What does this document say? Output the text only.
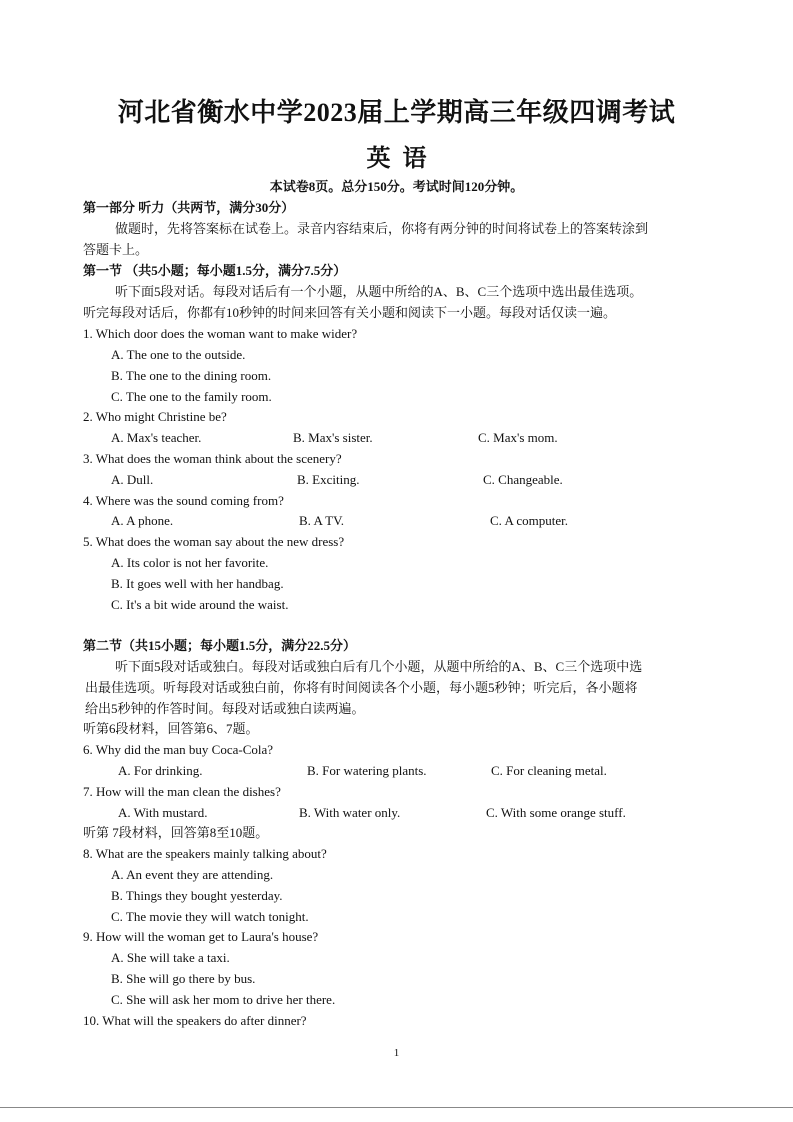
河北省衡水中学2023届上学期高三年级四调考试
英 语
本试卷8页。总分150分。考试时间120分钟。
第一部分 听力（共两节，满分30分）
做题时，先将答案标在试卷上。录音内容结束后，你将有两分钟的时间将试卷上的答案转涂到
答题卡上。
第一节 （共5小题；每小题1.5分，满分7.5分）
听下面5段对话。每段对话后有一个小题，从题中所给的A、B、C三个选项中选出最佳选项。
听完每段对话后，你都有10秒钟的时间来回答有关小题和阅读下一小题。每段对话仅读一遍。
1. Which door does the woman want to make wider?
A. The one to the outside.
B. The one to the dining room.
C. The one to the family room.
2. Who might Christine be?
A. Max's teacher.	B. Max's sister.	C. Max's mom.
3. What does the woman think about the scenery?
A. Dull.	B. Exciting.	C. Changeable.
4. Where was the sound coming from?
A. A phone.	B. A TV.	C. A computer.
5. What does the woman say about the new dress?
A. Its color is not her favorite.
B. It goes well with her handbag.
C. It's a bit wide around the waist.
第二节（共15小题；每小题1.5分，满分22.5分）
听下面5段对话或独白。每段对话或独白后有几个小题，从题中所给的A、B、C三个选项中选
出最佳选项。听每段对话或独白前，你将有时间阅读各个小题，每小题5秒钟；听完后，各小题将
给出5秒钟的作答时间。每段对话或独白读两遍。
听第6段材料，回答第6、7题。
6. Why did the man buy Coca-Cola?
A. For drinking.	B. For watering plants.	C. For cleaning metal.
7. How will the man clean the dishes?
A. With mustard.	B. With water only.	C. With some orange stuff.
听第 7段材料，回答第8至10题。
8. What are the speakers mainly talking about?
A. An event they are attending.
B. Things they bought yesterday.
C. The movie they will watch tonight.
9. How will the woman get to Laura's house?
A. She will take a taxi.
B. She will go there by bus.
C. She will ask her mom to drive her there.
10. What will the speakers do after dinner?
1
